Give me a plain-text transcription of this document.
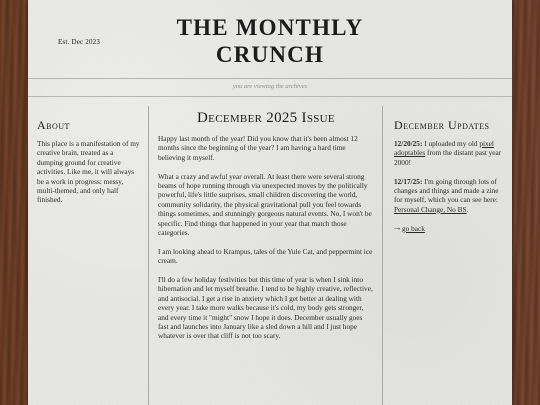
Est. Dec 2023
THE MONTHLY
CRUNCH
you are viewing the archives
About

This place is a manifestation of my creative brain, treated as a dumping ground for creative activities. Like me, it will always be a work in progress: messy, multi-themed, and only half finished.

December 2025 Issue

Happy last month of the year! Did you know that it's been almost 12 months since the beginning of the year? I am having a hard time believing it myself.

What a crazy and awful year overall. At least there were several strong beams of hope running through via unexpected moves by the politically powerful, life's little surprises, small children discovering the world, community solidarity, the physical gravitational pull you feel towards things sometimes, and stunningly gorgeous natural events. No, I won't be specific. Find things that happened in your year that match those categories.

I am looking ahead to Krampus, tales of the Yule Cat, and peppermint ice cream.

I'll do a few holiday festivities but this time of year is when I sink into hibernation and let myself breathe. I tend to be highly creative, reflective, and antisocial. I get a rise in anxiety which I get better at dealing with every year. I take more walks because it's cold, my body gets stronger, and every time it "might" snow I hope it does. December usually goes fast and launches into January like a sled down a hill and I just hope whatever is over that cliff is not too scary.

December Updates

12/20/25: I uploaded my old pixel adoptables from the distant past year 2000!

12/17/25: I'm going through lots of changes and things and made a zine for myself, which you can see here: Personal Change, No BS.

⇢ go back
